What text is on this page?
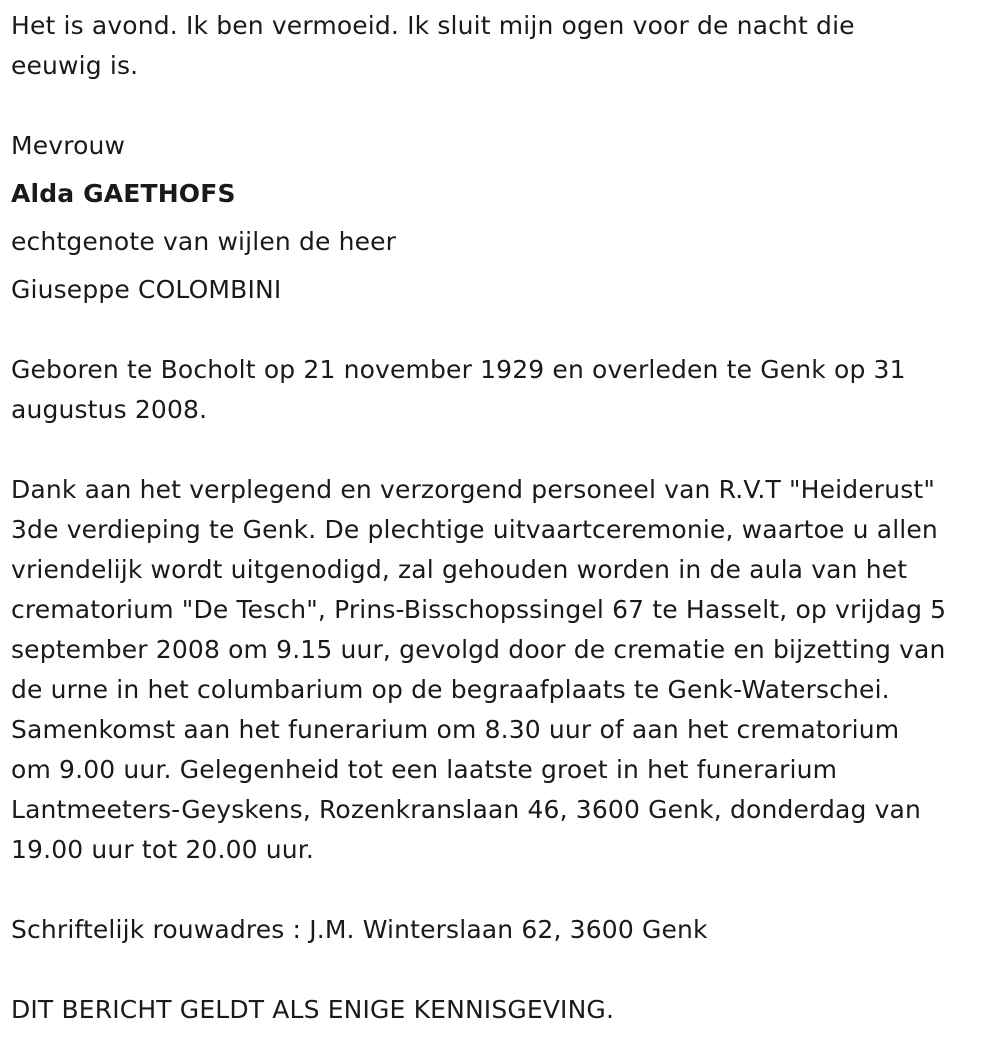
Het is avond. Ik ben vermoeid. Ik sluit mijn ogen voor de nacht die

eeuwig is.

Mevrouw

Alda GAETHOFS

echtgenote van wijlen de heer

Giuseppe COLOMBINI

Geboren te Bocholt op 21 november 1929 en overleden te Genk op 31

augustus 2008.

Dank aan het verplegend en verzorgend personeel van R.V.T "Heiderust"

3de verdieping te Genk. De plechtige uitvaartceremonie, waartoe u allen

vriendelijk wordt uitgenodigd, zal gehouden worden in de aula van het

crematorium "De Tesch", Prins-Bisschopssingel 67 te Hasselt, op vrijdag 5

september 2008 om 9.15 uur, gevolgd door de crematie en bijzetting van

de urne in het columbarium op de begraafplaats te Genk-Waterschei.

Samenkomst aan het funerarium om 8.30 uur of aan het crematorium

om 9.00 uur. Gelegenheid tot een laatste groet in het funerarium

Lantmeeters-Geyskens, Rozenkranslaan 46, 3600 Genk, donderdag van

19.00 uur tot 20.00 uur.

Schriftelijk rouwadres : J.M. Winterslaan 62, 3600 Genk

DIT BERICHT GELDT ALS ENIGE KENNISGEVING.
